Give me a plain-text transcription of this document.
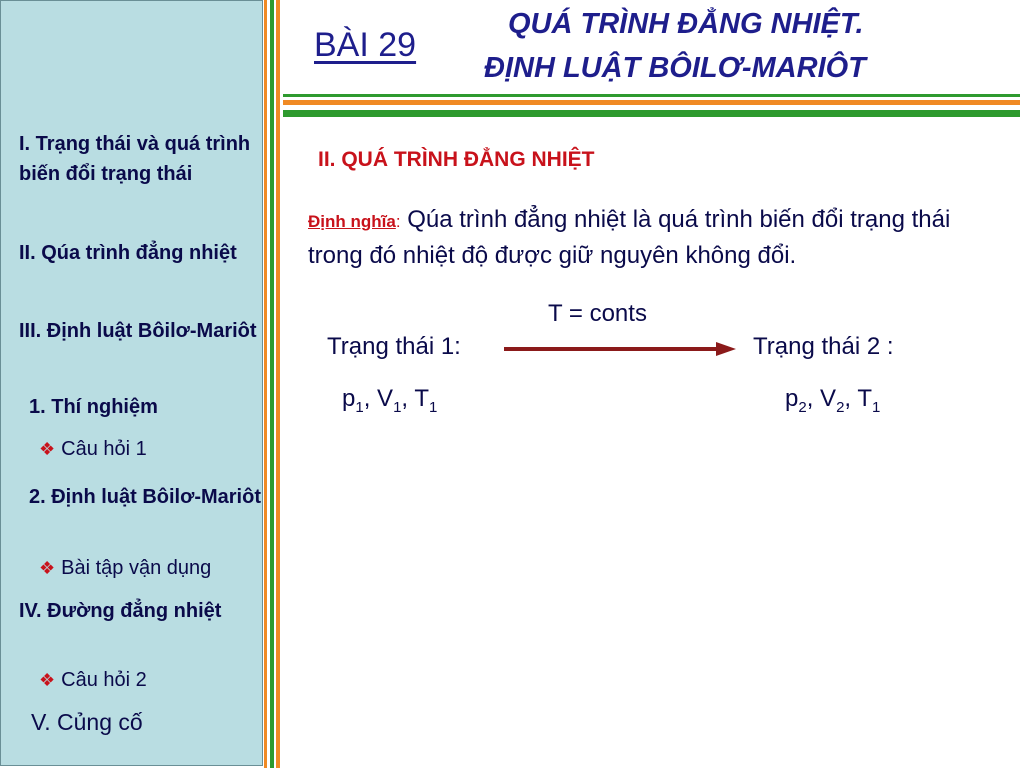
I. Trạng thái và quá trình biến đổi trạng thái
II. Qúa trình đẳng nhiệt
III. Định luật Bôilơ-Mariôt
1. Thí nghiệm
❖ Câu hỏi 1
2. Định luật Bôilơ-Mariôt
❖ Bài tập vận dụng
IV. Đường đẳng nhiệt
❖ Câu hỏi 2
V. Củng cố
BÀI 29
QUÁ TRÌNH ĐẲNG NHIỆT.
ĐỊNH LUẬT BÔILƠ-MARIÔT
II. QUÁ TRÌNH ĐẲNG NHIỆT
Định nghĩa: Qúa trình đẳng nhiệt là quá trình biến đổi trạng thái trong đó nhiệt độ được giữ nguyên không đổi.
T = conts
Trạng thái 1:	Trạng thái 2 :
$p_1$, $V_1$, $T_1$	$p_2$, $V_2$, $T_1$
